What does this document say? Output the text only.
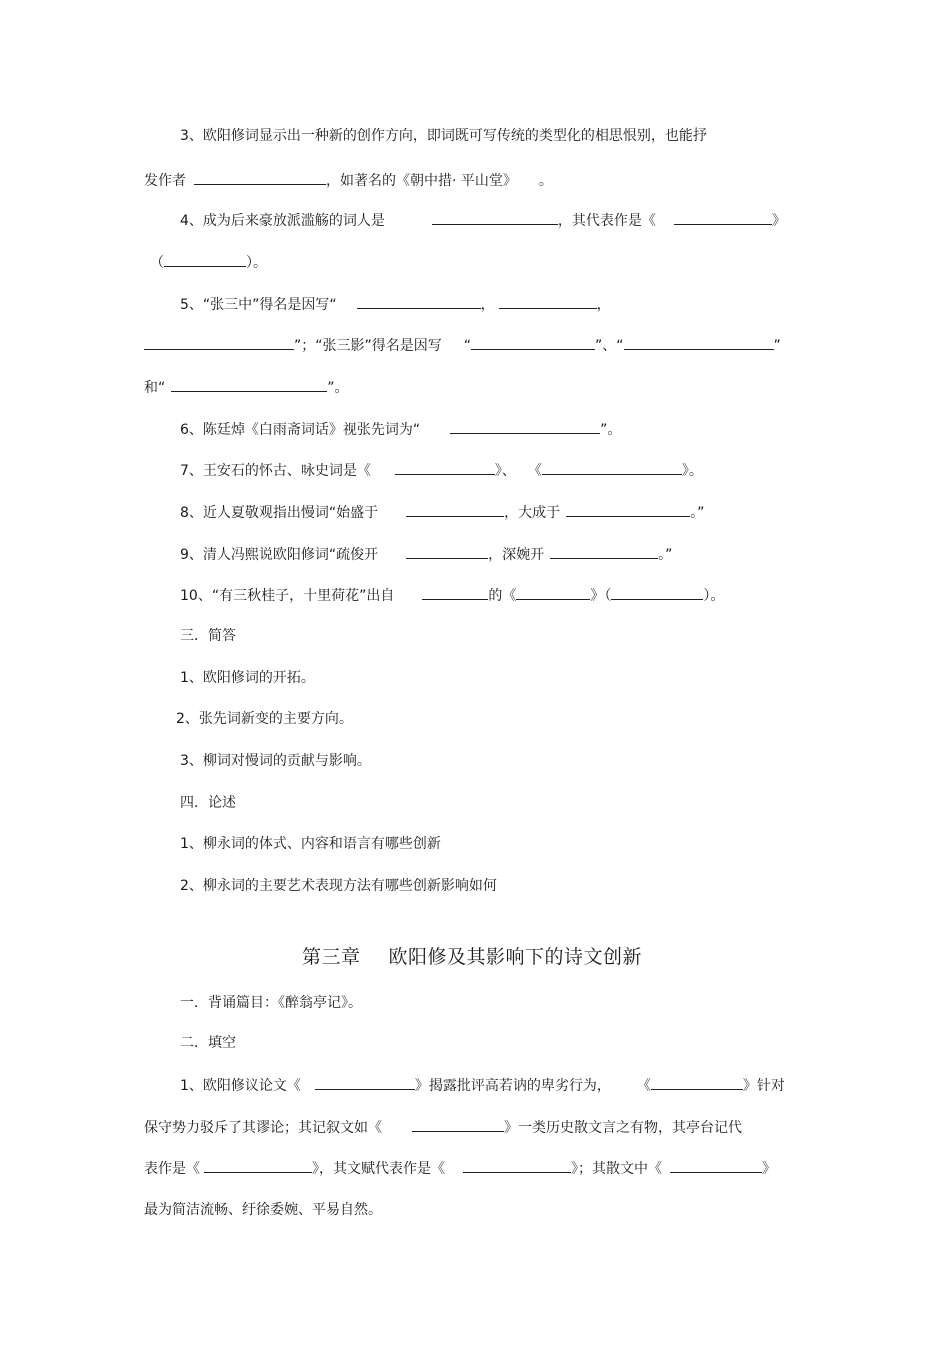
3、欧阳修词显示出一种新的创作方向，即词既可写传统的类型化的相思恨别，也能抒
发作者	，如著名的《朝中措· 平山堂》 。
4、成为后来豪放派滥觞的词人是	，其代表作是《	》
（	）。
5、“张三中”得名是因写“	，	，
”；“张三影”得名是因写 “	”、“	”
和“	”。
6、陈廷焯《白雨斋词话》视张先词为“	”。
7、王安石的怀古、咏史词是《	》、 《	》。
8、近人夏敬观指出慢词“始盛于	，大成于	。”
9、清人冯熙说欧阳修词“疏俊开	，深婉开	。”
10、“有三秋桂子，十里荷花”出自	的《	》（	）。
三．简答
1、欧阳修词的开拓。
2、张先词新变的主要方向。
3、柳词对慢词的贡献与影响。
四．论述
1、柳永词的体式、内容和语言有哪些创新
2、柳永词的主要艺术表现方法有哪些创新影响如何
第三章 欧阳修及其影响下的诗文创新
一．背诵篇目：《醉翁亭记》。
二．填空
1、欧阳修议论文《	》揭露批评高若讷的卑劣行为， 《	》针对
保守势力驳斥了其谬论；其记叙文如《	》一类历史散文言之有物，其亭台记代
表作是《	》，其文赋代表作是《	》；其散文中《	》
最为简洁流畅、纡徐委婉、平易自然。
